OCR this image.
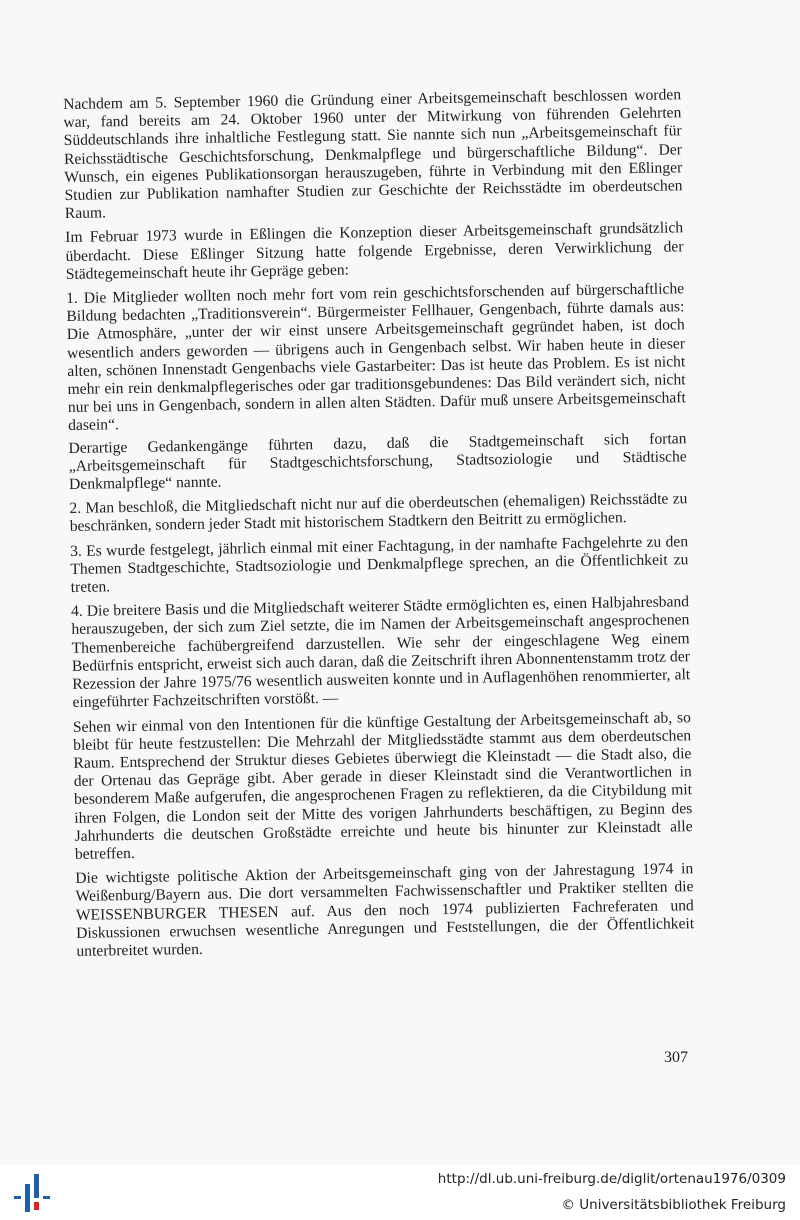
Nachdem am 5. September 1960 die Gründung einer Arbeitsgemeinschaft beschlossen worden war, fand bereits am 24. Oktober 1960 unter der Mitwirkung von führenden Gelehrten Süddeutschlands ihre inhaltliche Festlegung statt. Sie nannte sich nun „Arbeitsgemeinschaft für Reichsstädtische Geschichtsforschung, Denkmalpflege und bürgerschaftliche Bildung“. Der Wunsch, ein eigenes Publikationsorgan herauszugeben, führte in Verbindung mit den Eßlinger Studien zur Publikation namhafter Studien zur Geschichte der Reichsstädte im oberdeutschen Raum.

Im Februar 1973 wurde in Eßlingen die Konzeption dieser Arbeitsgemeinschaft grundsätzlich überdacht. Diese Eßlinger Sitzung hatte folgende Ergebnisse, deren Verwirklichung der Städtegemeinschaft heute ihr Gepräge geben:

1. Die Mitglieder wollten noch mehr fort vom rein geschichtsforschenden auf bürgerschaftliche Bildung bedachten „Traditionsverein“. Bürgermeister Fellhauer, Gengenbach, führte damals aus: Die Atmosphäre, „unter der wir einst unsere Arbeitsgemeinschaft gegründet haben, ist doch wesentlich anders geworden — übrigens auch in Gengenbach selbst. Wir haben heute in dieser alten, schönen Innenstadt Gengenbachs viele Gastarbeiter: Das ist heute das Problem. Es ist nicht mehr ein rein denkmalpflegerisches oder gar traditionsgebundenes: Das Bild verändert sich, nicht nur bei uns in Gengenbach, sondern in allen alten Städten. Dafür muß unsere Arbeitsgemeinschaft dasein“.

Derartige Gedankengänge führten dazu, daß die Stadtgemeinschaft sich fortan „Arbeitsgemeinschaft für Stadtgeschichtsforschung, Stadtsoziologie und Städtische Denkmalpflege“ nannte.

2. Man beschloß, die Mitgliedschaft nicht nur auf die oberdeutschen (ehemaligen) Reichsstädte zu beschränken, sondern jeder Stadt mit historischem Stadtkern den Beitritt zu ermöglichen.

3. Es wurde festgelegt, jährlich einmal mit einer Fachtagung, in der namhafte Fachgelehrte zu den Themen Stadtgeschichte, Stadtsoziologie und Denkmalpflege sprechen, an die Öffentlichkeit zu treten.

4. Die breitere Basis und die Mitgliedschaft weiterer Städte ermöglichten es, einen Halbjahresband herauszugeben, der sich zum Ziel setzte, die im Namen der Arbeitsgemeinschaft angesprochenen Themenbereiche fachübergreifend darzustellen. Wie sehr der eingeschlagene Weg einem Bedürfnis entspricht, erweist sich auch daran, daß die Zeitschrift ihren Abonnentenstamm trotz der Rezession der Jahre 1975/76 wesentlich ausweiten konnte und in Auflagenhöhen renommierter, alt eingeführter Fachzeitschriften vorstößt. —

Sehen wir einmal von den Intentionen für die künftige Gestaltung der Arbeitsgemeinschaft ab, so bleibt für heute festzustellen: Die Mehrzahl der Mitgliedsstädte stammt aus dem oberdeutschen Raum. Entsprechend der Struktur dieses Gebietes überwiegt die Kleinstadt — die Stadt also, die der Ortenau das Gepräge gibt. Aber gerade in dieser Kleinstadt sind die Verantwortlichen in besonderem Maße aufgerufen, die angesprochenen Fragen zu reflektieren, da die Citybildung mit ihren Folgen, die London seit der Mitte des vorigen Jahrhunderts beschäftigen, zu Beginn des Jahrhunderts die deutschen Großstädte erreichte und heute bis hinunter zur Kleinstadt alle betreffen.

Die wichtigste politische Aktion der Arbeitsgemeinschaft ging von der Jahrestagung 1974 in Weißenburg/Bayern aus. Die dort versammelten Fachwissenschaftler und Praktiker stellten die WEISSENBURGER THESEN auf. Aus den noch 1974 publizierten Fachreferaten und Diskussionen erwuchsen wesentliche Anregungen und Feststellungen, die der Öffentlichkeit unterbreitet wurden.

307
http://dl.ub.uni-freiburg.de/diglit/ortenau1976/0309
© Universitätsbibliothek Freiburg
